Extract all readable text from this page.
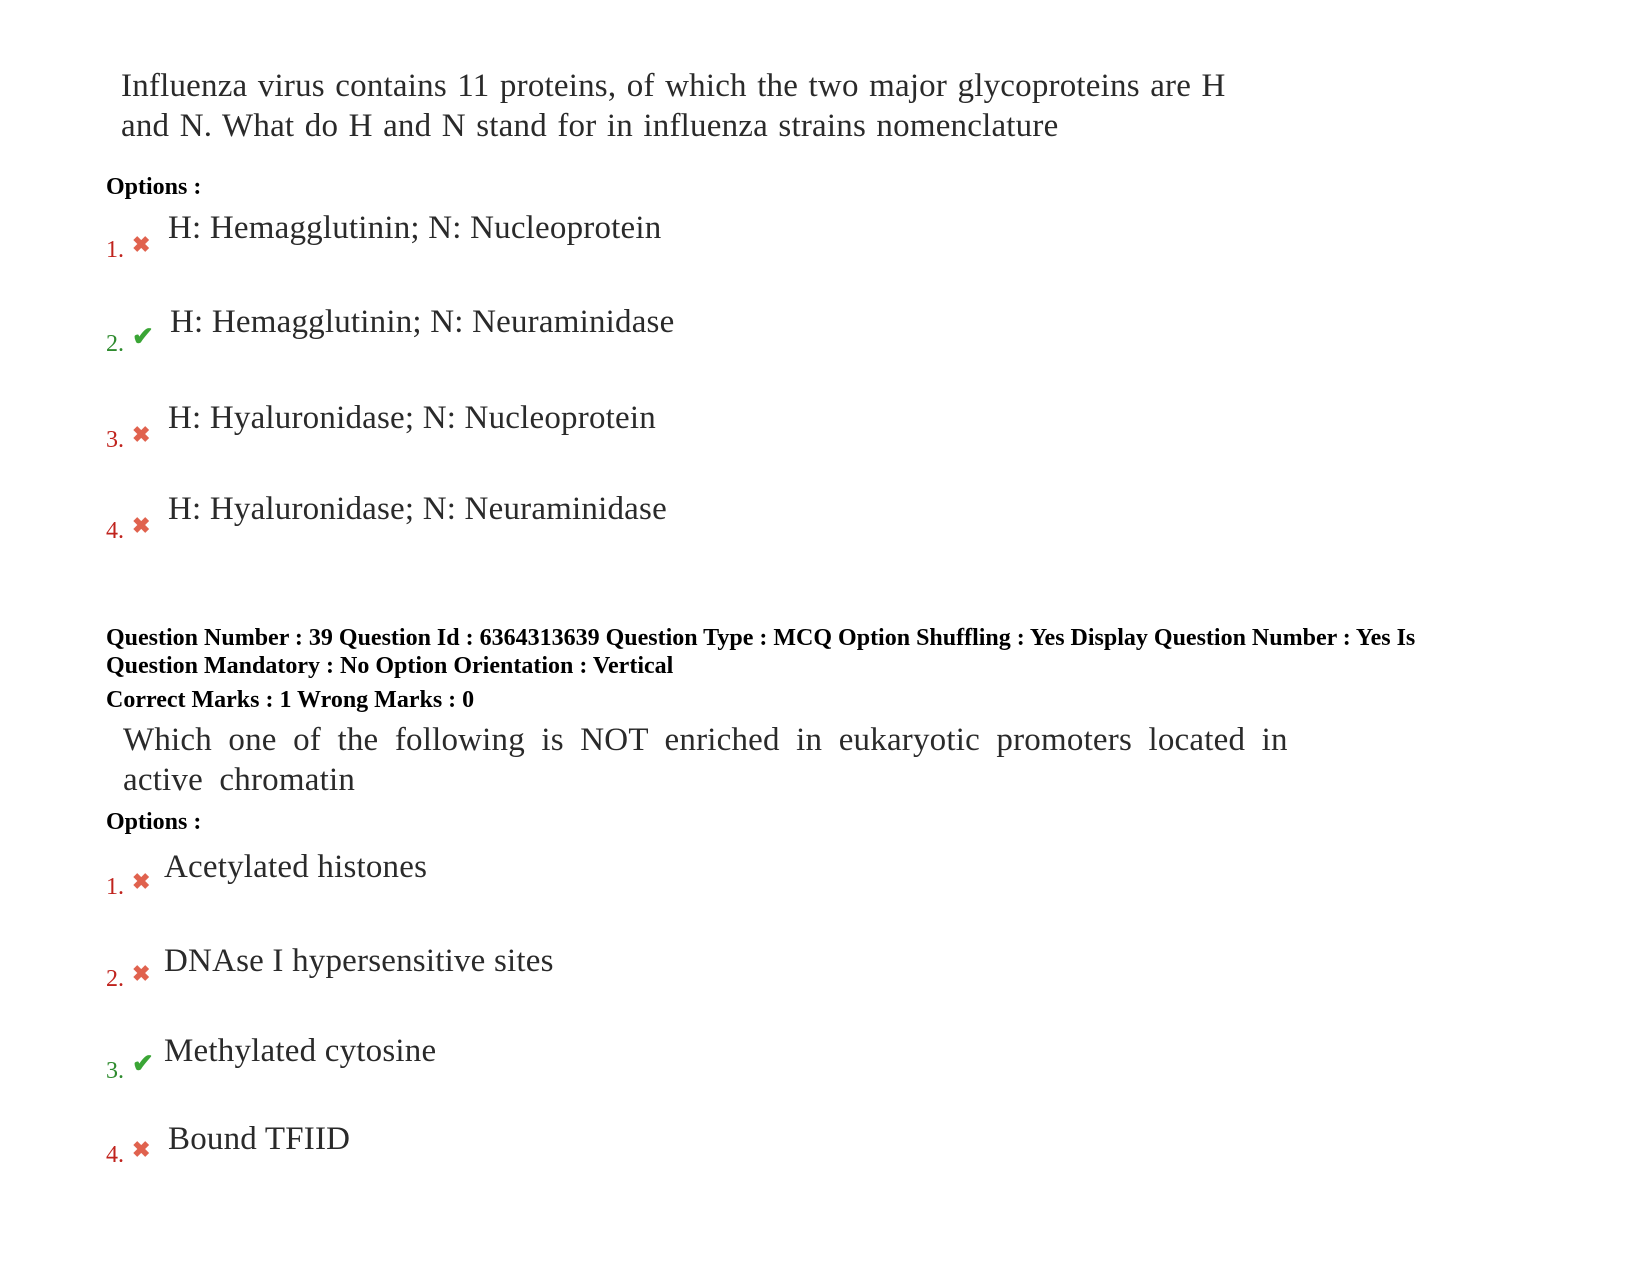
Influenza virus contains 11 proteins, of which the two major glycoproteins are H
and N. What do H and N stand for in influenza strains nomenclature
Options :
1. ✖ H: Hemagglutinin; N: Nucleoprotein
2. ✔ H: Hemagglutinin; N: Neuraminidase
3. ✖ H: Hyaluronidase; N: Nucleoprotein
4. ✖ H: Hyaluronidase; N: Neuraminidase
Question Number : 39 Question Id : 6364313639 Question Type : MCQ Option Shuffling : Yes Display Question Number : Yes Is
Question Mandatory : No Option Orientation : Vertical
Correct Marks : 1 Wrong Marks : 0
Which one of the following is NOT enriched in eukaryotic promoters located in
active chromatin
Options :
1. ✖ Acetylated histones
2. ✖ DNAse I hypersensitive sites
3. ✔ Methylated cytosine
4. ✖ Bound TFIID
